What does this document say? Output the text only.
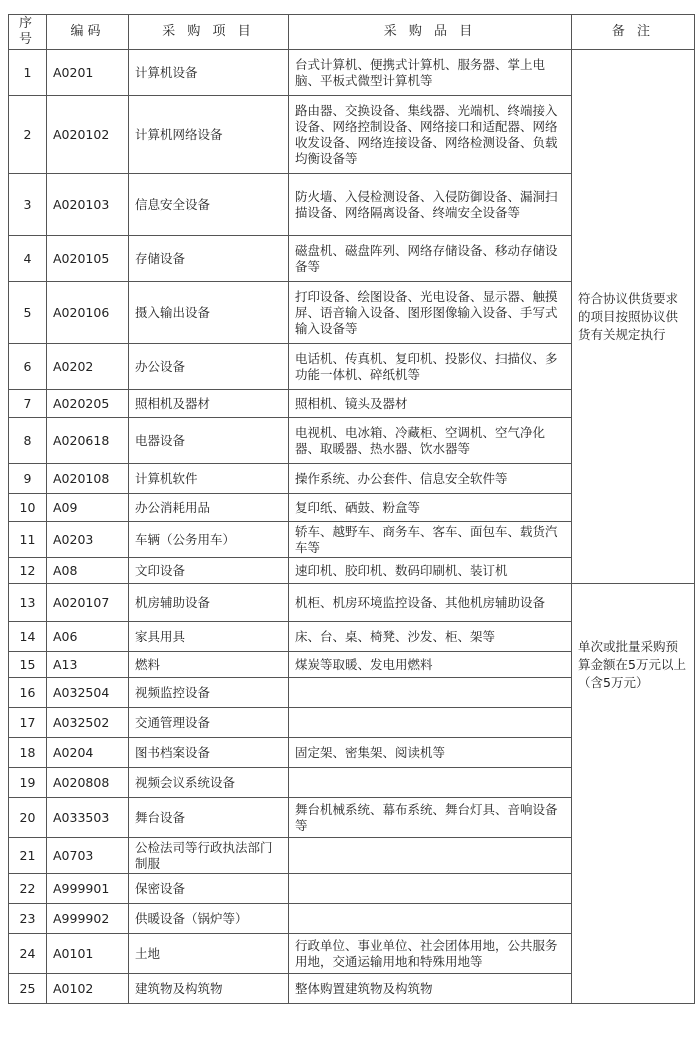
序号	编码	采 购 项 目	采 购 品 目	备 注
1	A0201	计算机设备	台式计算机、便携式计算机、服务器、掌上电脑、平板式微型计算机等	符合协议供货要求的项目按照协议供货有关规定执行
2	A020102	计算机网络设备	路由器、交换设备、集线器、光端机、终端接入设备、网络控制设备、网络接口和适配器、网络收发设备、网络连接设备、网络检测设备、负载均衡设备等	
3	A020103	信息安全设备	防火墙、入侵检测设备、入侵防御设备、漏洞扫描设备、网络隔离设备、终端安全设备等	
4	A020105	存储设备	磁盘机、磁盘阵列、网络存储设备、移动存储设备等	
5	A020106	摄入输出设备	打印设备、绘图设备、光电设备、显示器、触摸屏、语音输入设备、图形图像输入设备、手写式输入设备等	
6	A0202	办公设备	电话机、传真机、复印机、投影仪、扫描仪、多功能一体机、碎纸机等	
7	A020205	照相机及器材	照相机、镜头及器材	
8	A020618	电器设备	电视机、电冰箱、冷藏柜、空调机、空气净化器、取暖器、热水器、饮水器等	
9	A020108	计算机软件	操作系统、办公套件、信息安全软件等	
10	A09	办公消耗用品	复印纸、硒鼓、粉盒等	
11	A0203	车辆（公务用车）	轿车、越野车、商务车、客车、面包车、载货汽车等	
12	A08	文印设备	速印机、胶印机、数码印刷机、装订机	
13	A020107	机房辅助设备	机柜、机房环境监控设备、其他机房辅助设备	单次或批量采购预算金额在5万元以上（含5万元）
14	A06	家具用具	床、台、桌、椅凳、沙发、柜、架等	
15	A13	燃料	煤炭等取暖、发电用燃料	
16	A032504	视频监控设备		
17	A032502	交通管理设备		
18	A0204	图书档案设备	固定架、密集架、阅读机等	
19	A020808	视频会议系统设备		
20	A033503	舞台设备	舞台机械系统、幕布系统、舞台灯具、音响设备等	
21	A0703	公检法司等行政执法部门制服		
22	A999901	保密设备		
23	A999902	供暖设备（锅炉等）		
24	A0101	土地	行政单位、事业单位、社会团体用地，公共服务用地，交通运输用地和特殊用地等	
25	A0102	建筑物及构筑物	整体购置建筑物及构筑物	
